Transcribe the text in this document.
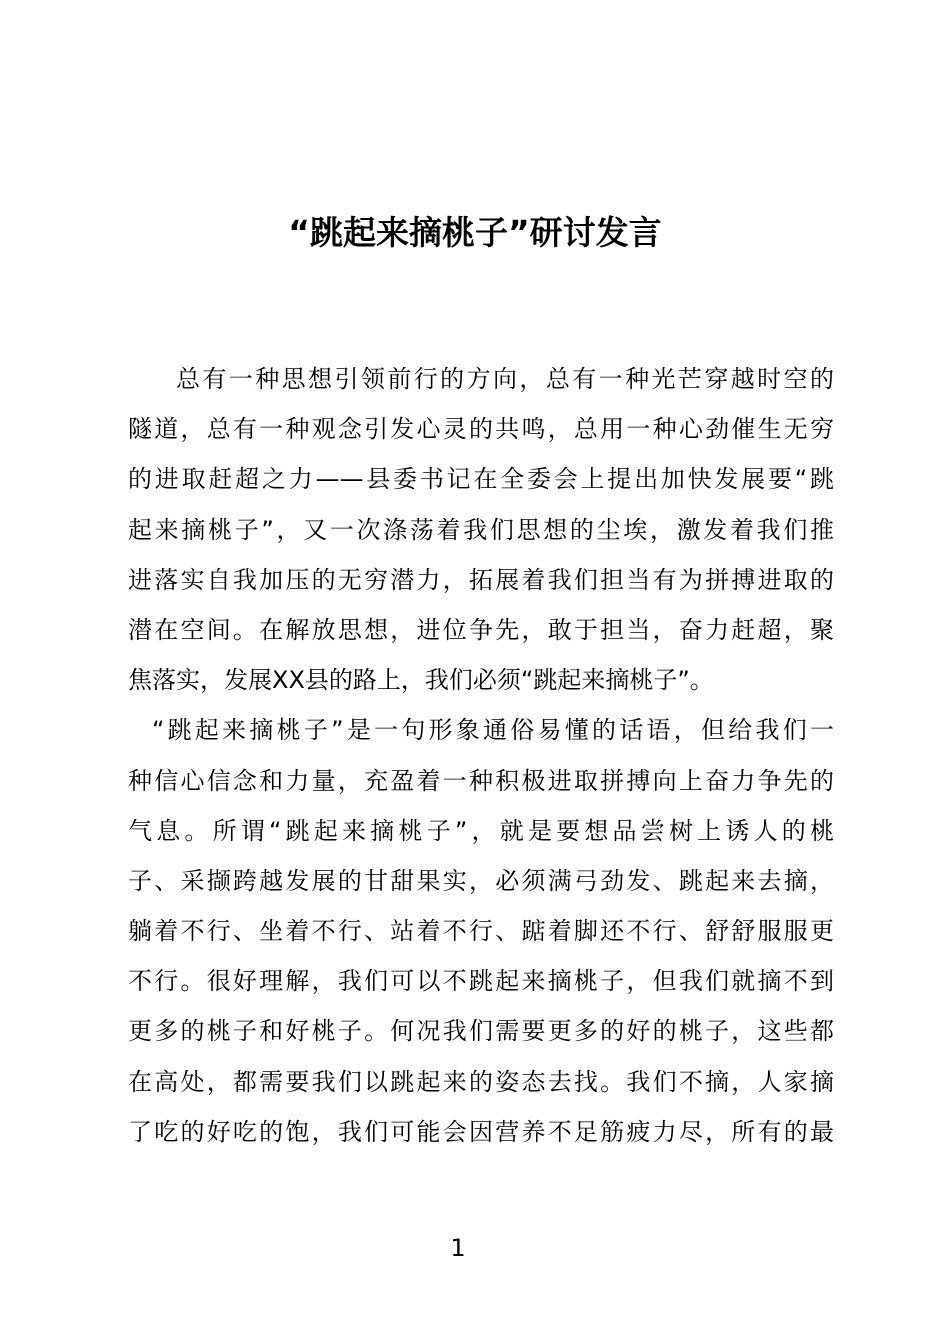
“跳起来摘桃子”研讨发言
总有一种思想引领前行的方向，总有一种光芒穿越时空的
隧道，总有一种观念引发心灵的共鸣，总用一种心劲催生无穷
的进取赶超之力——县委书记在全委会上提出加快发展要“跳
起来摘桃子”，又一次涤荡着我们思想的尘埃，激发着我们推
进落实自我加压的无穷潜力，拓展着我们担当有为拼搏进取的
潜在空间。在解放思想，进位争先，敢于担当，奋力赶超，聚
焦落实，发展XX县的路上，我们必须“跳起来摘桃子”。
“跳起来摘桃子”是一句形象通俗易懂的话语，但给我们一
种信心信念和力量，充盈着一种积极进取拼搏向上奋力争先的
气息。所谓“跳起来摘桃子”，就是要想品尝树上诱人的桃
子、采撷跨越发展的甘甜果实，必须满弓劲发、跳起来去摘，
躺着不行、坐着不行、站着不行、踮着脚还不行、舒舒服服更
不行。很好理解，我们可以不跳起来摘桃子，但我们就摘不到
更多的桃子和好桃子。何况我们需要更多的好的桃子，这些都
在高处，都需要我们以跳起来的姿态去找。我们不摘，人家摘
了吃的好吃的饱，我们可能会因营养不足筋疲力尽，所有的最
1
